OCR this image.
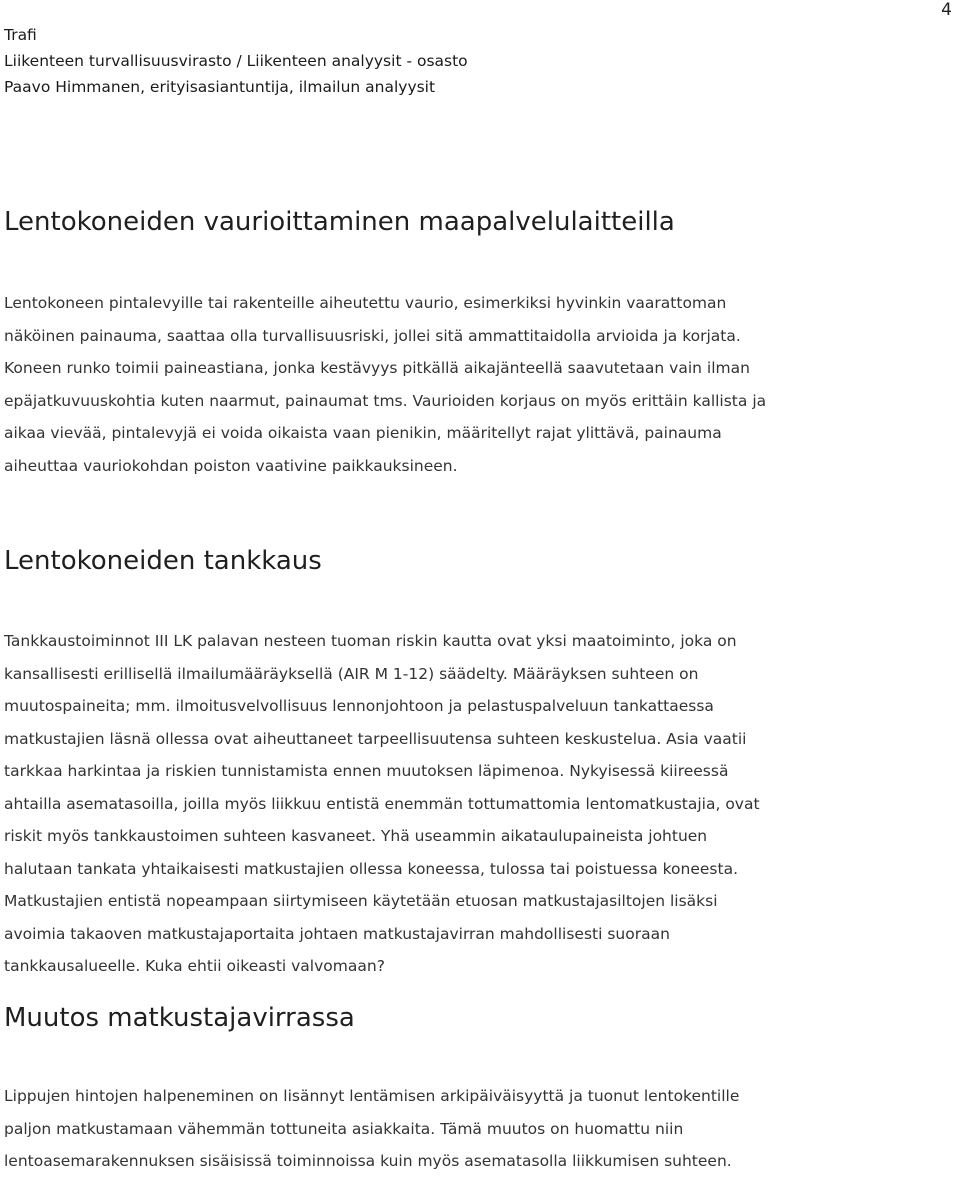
4
Trafi
Liikenteen turvallisuusvirasto / Liikenteen analyysit - osasto
Paavo Himmanen, erityisasiantuntija, ilmailun analyysit
Lentokoneiden vaurioittaminen maapalvelulaitteilla

Lentokoneen pintalevyille tai rakenteille aiheutettu vaurio, esimerkiksi hyvinkin vaarattoman
näköinen painauma, saattaa olla turvallisuusriski, jollei sitä ammattitaidolla arvioida ja korjata.
Koneen runko toimii paineastiana, jonka kestävyys pitkällä aikajänteellä saavutetaan vain ilman
epäjatkuvuuskohtia kuten naarmut, painaumat tms. Vaurioiden korjaus on myös erittäin kallista ja
aikaa vievää, pintalevyjä ei voida oikaista vaan pienikin, määritellyt rajat ylittävä, painauma
aiheuttaa vauriokohdan poiston vaativine paikkauksineen.

Lentokoneiden tankkaus

Tankkaustoiminnot III LK palavan nesteen tuoman riskin kautta ovat yksi maatoiminto, joka on
kansallisesti erillisellä ilmailumääräyksellä (AIR M 1-12) säädelty. Määräyksen suhteen on
muutospaineita; mm. ilmoitusvelvollisuus lennonjohtoon ja pelastuspalveluun tankattaessa
matkustajien läsnä ollessa ovat aiheuttaneet tarpeellisuutensa suhteen keskustelua. Asia vaatii
tarkkaa harkintaa ja riskien tunnistamista ennen muutoksen läpimenoa. Nykyisessä kiireessä
ahtailla asematasoilla, joilla myös liikkuu entistä enemmän tottumattomia lentomatkustajia, ovat
riskit myös tankkaustoimen suhteen kasvaneet. Yhä useammin aikataulupaineista johtuen
halutaan tankata yhtaikaisesti matkustajien ollessa koneessa, tulossa tai poistuessa koneesta.
Matkustajien entistä nopeampaan siirtymiseen käytetään etuosan matkustajasiltojen lisäksi
avoimia takaoven matkustajaportaita johtaen matkustajavirran mahdollisesti suoraan
tankkausalueelle. Kuka ehtii oikeasti valvomaan?

Muutos matkustajavirrassa

Lippujen hintojen halpeneminen on lisännyt lentämisen arkipäiväisyyttä ja tuonut lentokentille
paljon matkustamaan vähemmän tottuneita asiakkaita. Tämä muutos on huomattu niin
lentoasemarakennuksen sisäisissä toiminnoissa kuin myös asematasolla liikkumisen suhteen.
